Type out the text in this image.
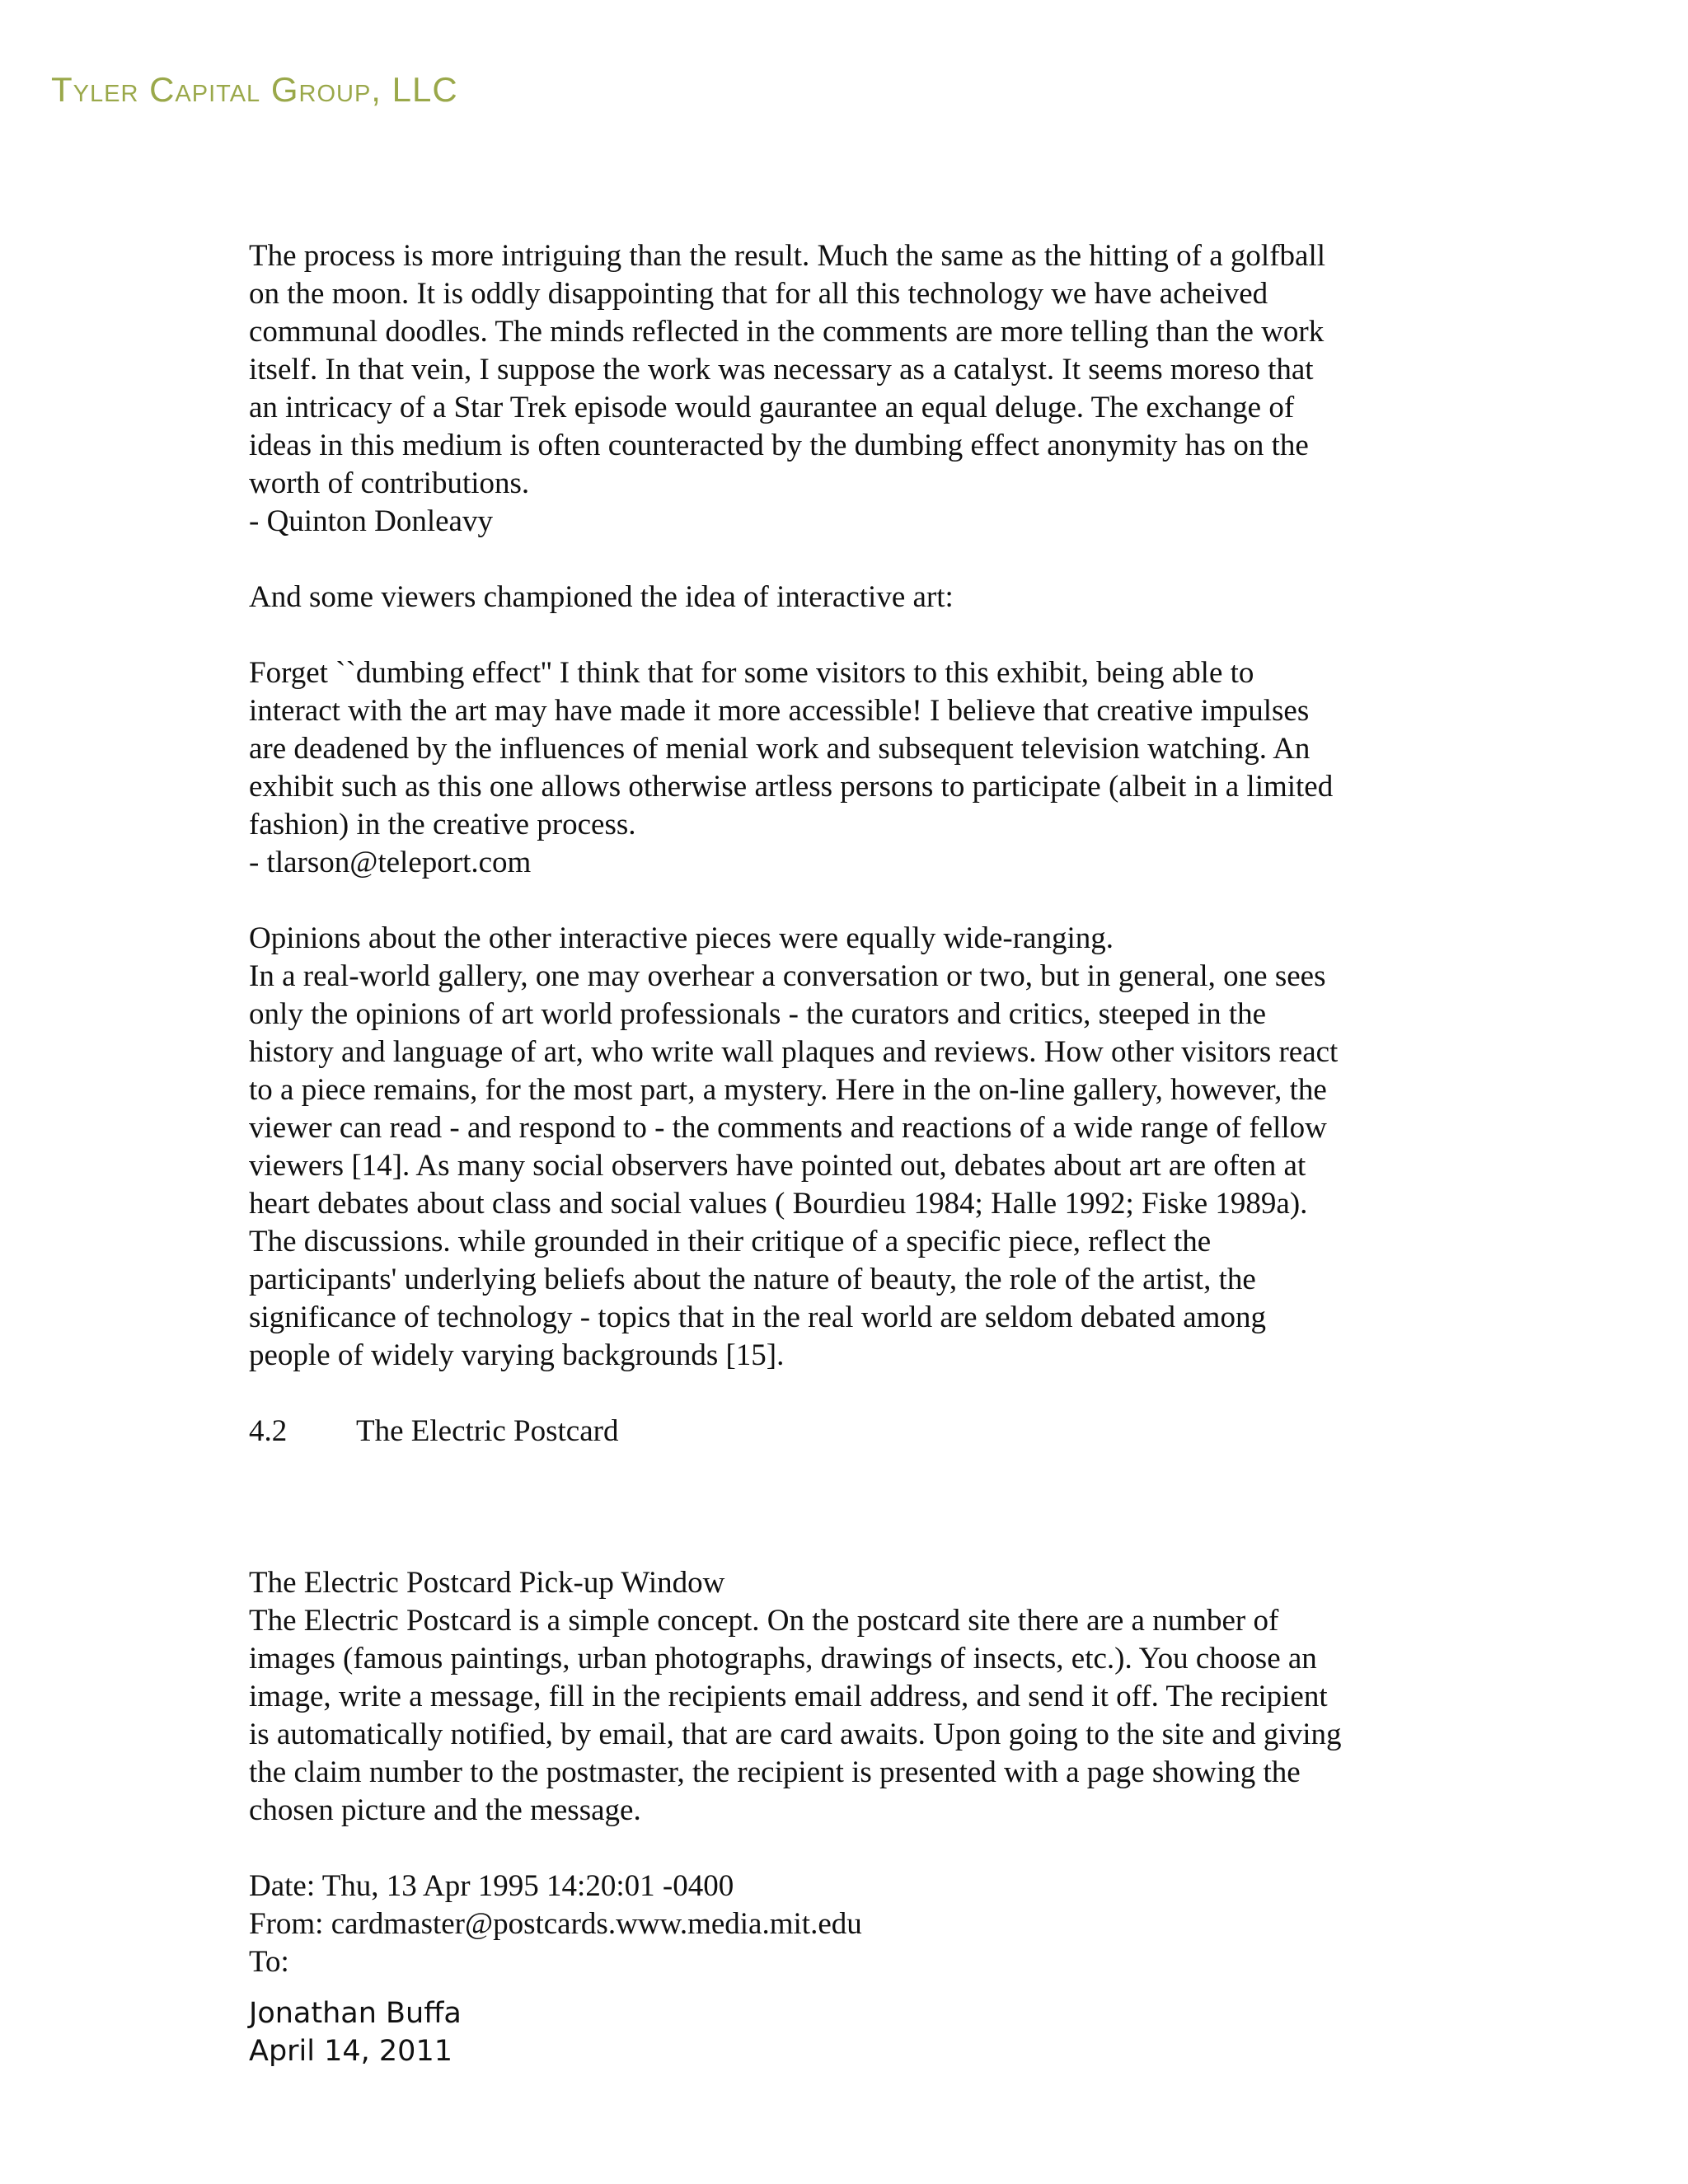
Tyler Capital Group, LLC
The process is more intriguing than the result. Much the same as the hitting of a golfball
on the moon. It is oddly disappointing that for all this technology we have acheived
communal doodles. The minds reflected in the comments are more telling than the work
itself. In that vein, I suppose the work was necessary as a catalyst. It seems moreso that
an intricacy of a Star Trek episode would gaurantee an equal deluge. The exchange of
ideas in this medium is often counteracted by the dumbing effect anonymity has on the
worth of contributions.
- Quinton Donleavy
And some viewers championed the idea of interactive art:
Forget ``dumbing effect'' I think that for some visitors to this exhibit, being able to
interact with the art may have made it more accessible! I believe that creative impulses
are deadened by the influences of menial work and subsequent television watching. An
exhibit such as this one allows otherwise artless persons to participate (albeit in a limited
fashion) in the creative process.
- tlarson@teleport.com
Opinions about the other interactive pieces were equally wide-ranging.
In a real-world gallery, one may overhear a conversation or two, but in general, one sees
only the opinions of art world professionals - the curators and critics, steeped in the
history and language of art, who write wall plaques and reviews. How other visitors react
to a piece remains, for the most part, a mystery. Here in the on-line gallery, however, the
viewer can read - and respond to - the comments and reactions of a wide range of fellow
viewers [14]. As many social observers have pointed out, debates about art are often at
heart debates about class and social values ( Bourdieu 1984; Halle 1992; Fiske 1989a).
The discussions. while grounded in their critique of a specific piece, reflect the
participants' underlying beliefs about the nature of beauty, the role of the artist, the
significance of technology - topics that in the real world are seldom debated among
people of widely varying backgrounds [15].
4.2 The Electric Postcard
The Electric Postcard Pick-up Window
The Electric Postcard is a simple concept. On the postcard site there are a number of
images (famous paintings, urban photographs, drawings of insects, etc.). You choose an
image, write a message, fill in the recipients email address, and send it off. The recipient
is automatically notified, by email, that are card awaits. Upon going to the site and giving
the claim number to the postmaster, the recipient is presented with a page showing the
chosen picture and the message.
Date: Thu, 13 Apr 1995 14:20:01 -0400
From: cardmaster@postcards.www.media.mit.edu
To:
Jonathan Buffa
April 14, 2011
